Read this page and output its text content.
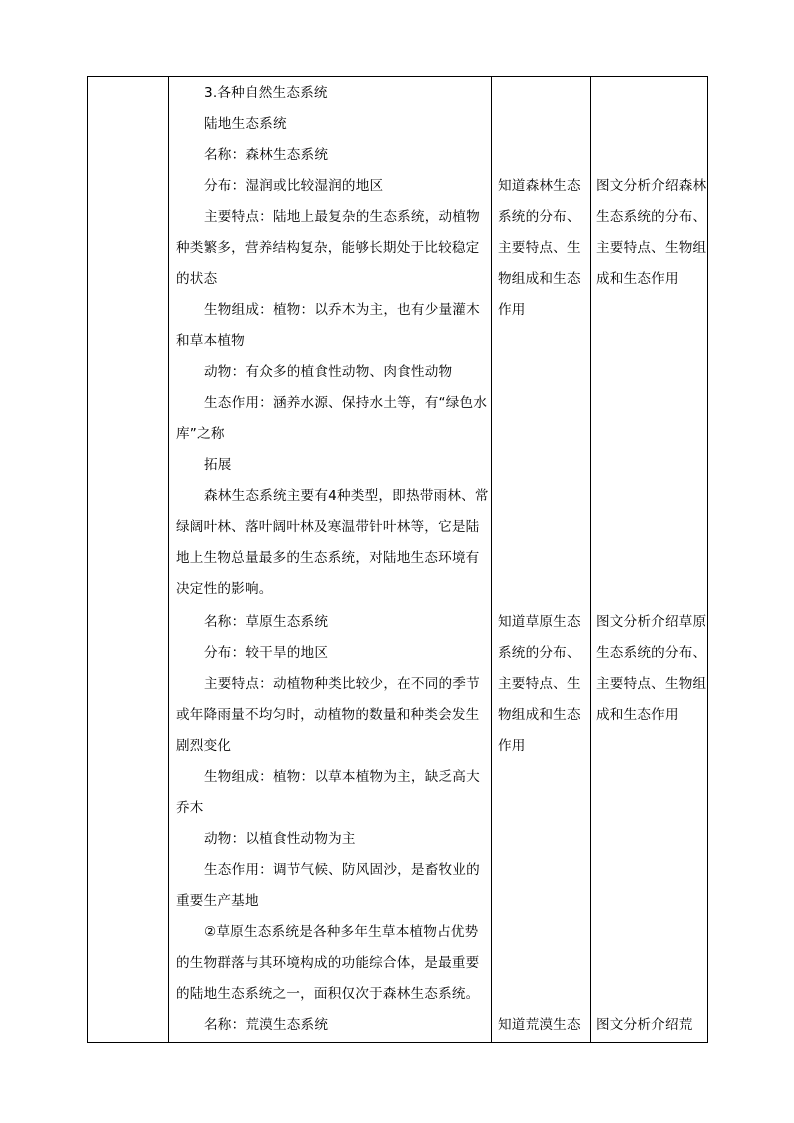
3.各种自然生态系统

陆地生态系统

名称：森林生态系统

分布：湿润或比较湿润的地区

主要特点：陆地上最复杂的生态系统，动植物种类繁多，营养结构复杂，能够长期处于比较稳定的状态

生物组成：植物：以乔木为主，也有少量灌木和草本植物

动物：有众多的植食性动物、肉食性动物

生态作用：涵养水源、保持水土等，有“绿色水库”之称

拓展

森林生态系统主要有4种类型，即热带雨林、常绿阔叶林、落叶阔叶林及寒温带针叶林等，它是陆地上生物总量最多的生态系统，对陆地生态环境有决定性的影响。

名称：草原生态系统

分布：较干旱的地区

主要特点：动植物种类比较少，在不同的季节或年降雨量不均匀时，动植物的数量和种类会发生剧烈变化

生物组成：植物：以草本植物为主，缺乏高大乔木

动物：以植食性动物为主

生态作用：调节气候、防风固沙，是畜牧业的重要生产基地

②草原生态系统是各种多年生草本植物占优势的生物群落与其环境构成的功能综合体，是最重要的陆地生态系统之一，面积仅次于森林生态系统。

名称：荒漠生态系统

知道森林生态系统的分布、主要特点、生物组成和生态作用

知道草原生态系统的分布、主要特点、生物组成和生态作用

知道荒漠生态

图文分析介绍森林生态系统的分布、主要特点、生物组成和生态作用

图文分析介绍草原生态系统的分布、主要特点、生物组成和生态作用

图文分析介绍荒
